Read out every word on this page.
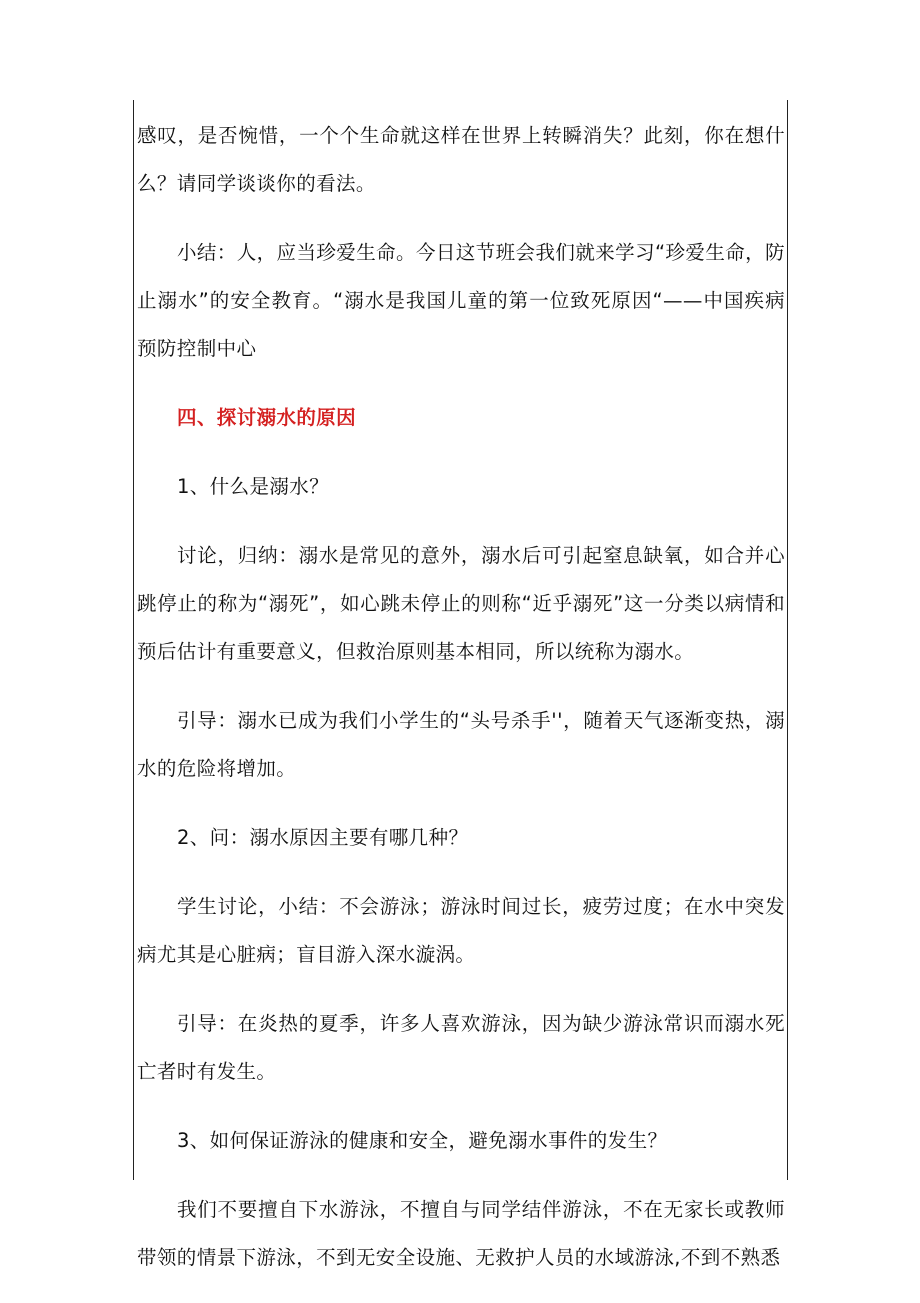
感叹，是否惋惜，一个个生命就这样在世界上转瞬消失？此刻，你在想什么？请同学谈谈你的看法。

小结：人，应当珍爱生命。今日这节班会我们就来学习“珍爱生命，防止溺水”的安全教育。“溺水是我国儿童的第一位致死原因“——中国疾病预防控制中心

四、探讨溺水的原因

1、什么是溺水？

讨论，归纳：溺水是常见的意外，溺水后可引起窒息缺氧，如合并心跳停止的称为“溺死”，如心跳未停止的则称“近乎溺死”这一分类以病情和预后估计有重要意义，但救治原则基本相同，所以统称为溺水。

引导：溺水已成为我们小学生的“头号杀手''，随着天气逐渐变热，溺水的危险将增加。

2、问：溺水原因主要有哪几种？

学生讨论，小结：不会游泳；游泳时间过长，疲劳过度；在水中突发病尤其是心脏病；盲目游入深水漩涡。

引导：在炎热的夏季，许多人喜欢游泳，因为缺少游泳常识而溺水死亡者时有发生。

3、如何保证游泳的健康和安全，避免溺水事件的发生？

我们不要擅自下水游泳，不擅自与同学结伴游泳，不在无家长或教师带领的情景下游泳，不到无安全设施、无救护人员的水域游泳,不到不熟悉
